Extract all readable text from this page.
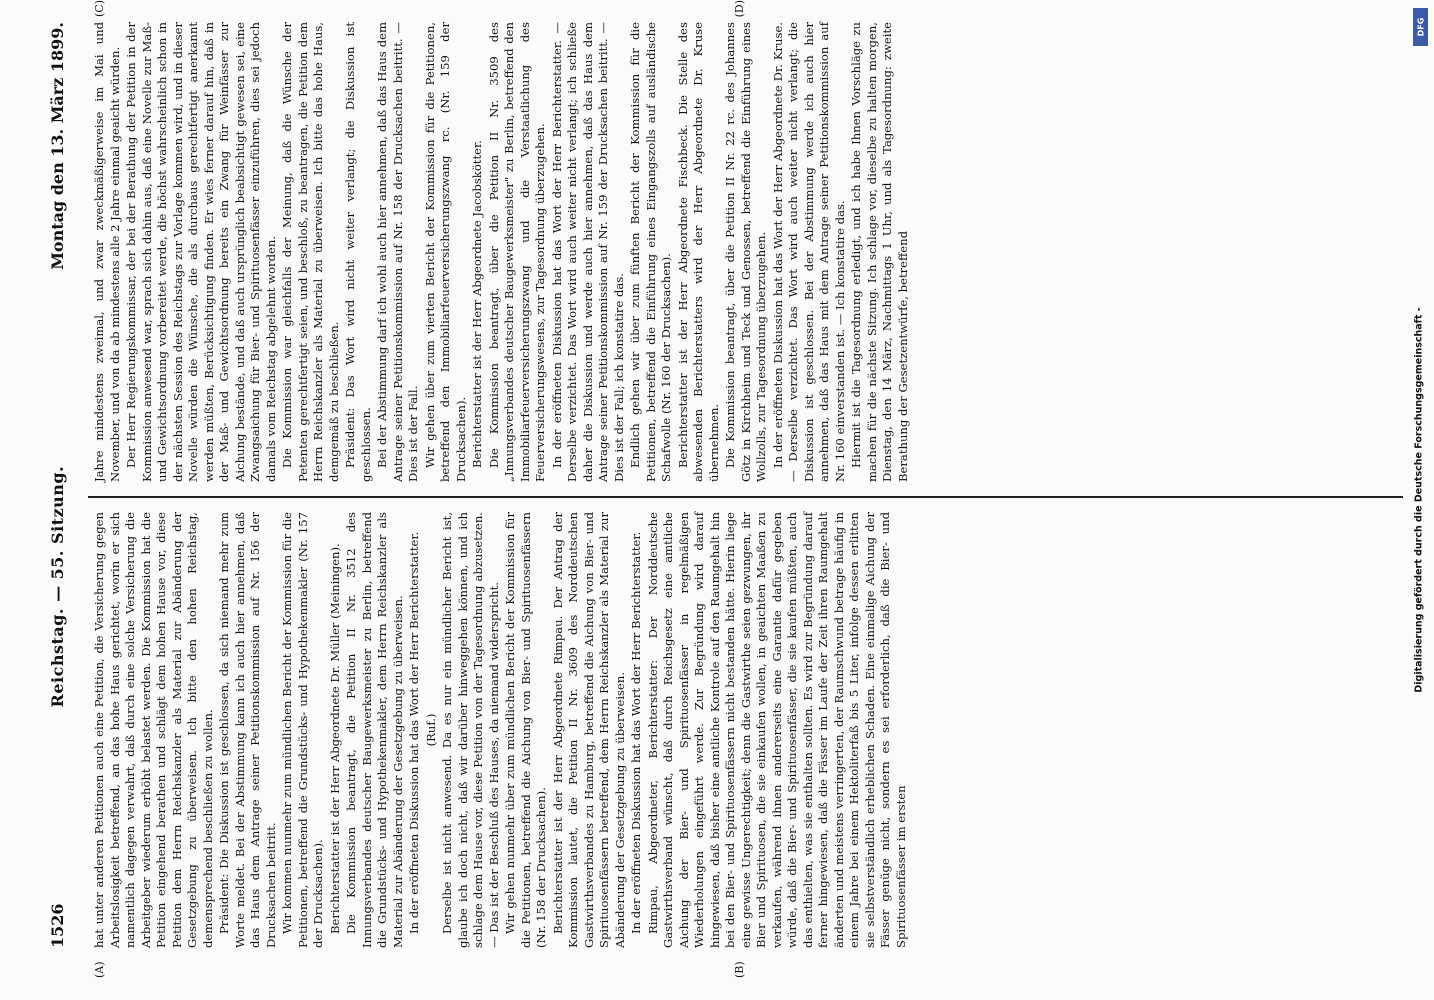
1526
Reichstag. — 55. Sitzung.
Montag den 13. März 1899.
(A)	(B)

hat unter anderen Petitionen auch eine Petition, die Versicherung gegen Arbeitslosigkeit betreffend, an das hohe Haus gerichtet, worin er sich namentlich dagegen verwahrt, daß durch eine solche Versicherung die Arbeitgeber wiederum erhöht belastet werden. Die Kommission hat die Petition eingehend berathen und schlägt dem hohen Hause vor, diese Petition dem Herrn Reichskanzler als Material zur Abänderung der Gesetzgebung zu überweisen. Ich bitte den hohen Reichstag, demensprechend beschließen zu wollen. Präsident: Die Diskussion ist geschlossen, da sich niemand mehr zum Worte meldet. Bei der Abstimmung kann ich auch hier annehmen, daß das Haus dem Antrage seiner Petitionskommission auf Nr. 156 der Drucksachen beitritt. Wir kommen nunmehr zum mündlichen Bericht der Kommission für die Petitionen, betreffend die Grundstücks- und Hypothekenmakler (Nr. 157 der Drucksachen). Berichterstatter ist der Herr Abgeordnete Dr. Müller (Meiningen). Die Kommission beantragt, die Petition II Nr. 3512 des Innungsverbandes deutscher Baugewerksmeister zu Berlin, betreffend die Grundstücks- und Hypothekenmakler, dem Herrn Reichskanzler als Material zur Abänderung der Gesetzgebung zu überweisen. In der eröffneten Diskussion hat das Wort der Herr Berichterstatter. (Ruf.) Derselbe ist nicht anwesend. Da es nur ein mündlicher Bericht ist, glaube ich doch nicht, daß wir darüber hinweggehen können, und ich schlage dem Hause vor, diese Petition von der Tagesordnung abzusetzen. — Das ist der Beschluß des Hauses, da niemand widerspricht. Wir gehen nunmehr über zum mündlichen Bericht der Kommission für die Petitionen, betreffend die Aichung von Bier- und Spirituosenfässern (Nr. 158 der Drucksachen). Berichterstatter ist der Herr Abgeordnete Rimpau. Der Antrag der Kommission lautet, die Petition II Nr. 3609 des Norddeutschen Gastwirthsverbandes zu Hamburg, betreffend die Aichung von Bier- und Spirituosenfässern betreffend, dem Herrn Reichskanzler als Material zur Abänderung der Gesetzgebung zu überweisen. In der eröffneten Diskussion hat das Wort der Herr Berichterstatter. Rimpau, Abgeordneter, Berichterstatter: Der Norddeutsche Gastwirthsverband wünscht, daß durch Reichsgesetz eine amtliche Aichung der Bier- und Spirituosenfässer in regelmäßigen Wiederholungen eingeführt werde. Zur Begründung wird darauf hingewiesen, daß bisher eine amtliche Kontrole auf den Raumgehalt hin bei den Bier- und Spirituosenfässern nicht bestanden hätte. Hierin liege eine gewisse Ungerechtigkeit; denn die Gastwirthe seien gezwungen, ihr Bier und Spirituosen, die sie einkaufen wollen, in geaichten Maaßen zu verkaufen, während ihnen andererseits eine Garantie dafür gegeben würde, daß die Bier- und Spirituosenfässer, die sie kaufen müßten, auch das enthielten, was sie enthalten sollten. Es wird zur Begründung darauf ferner hingewiesen, daß die Fässer im Laufe der Zeit ihren Raumgehalt änderten und meistens verringerten, der Raumschwund betrage häufig in einem Jahre bei einem Hektoliterfaß bis 5 Liter, infolge dessen erlitten sie selbstverständlich erheblichen Schaden. Eine einmalige Aichung der Fässer genüge nicht, sondern es sei erforderlich, daß die Bier- und Spirituosenfässer im ersten

(C)	(D)

Jahre mindestens zweimal, und zwar zweckmäßigerweise im Mai und November, und von da ab mindestens alle 2 Jahre einmal geaicht würden. Der Herr Regierungskommissar, der bei der Berathung der Petition in der Kommission anwesend war, sprach sich dahin aus, daß eine Novelle zur Maß- und Gewichtsordnung vorbereitet werde, die höchst wahrscheinlich schon in der nächsten Session des Reichstags zur Vorlage kommen wird, und in dieser Novelle würden die Wünsche, die als durchaus gerechtfertigt anerkannt werden müßten, Berücksichtigung finden. Er wies ferner darauf hin, daß in der Maß- und Gewichtsordnung bereits ein Zwang für Weinfässer zur Aichung bestände, und daß auch ursprünglich beabsichtigt gewesen sei, eine Zwangsaichung für Bier- und Spirituosenfässer einzuführen, dies sei jedoch damals vom Reichstag abgelehnt worden. Die Kommission war gleichfalls der Meinung, daß die Wünsche der Petenten gerechtfertigt seien, und beschloß, zu beantragen, die Petition dem Herrn Reichskanzler als Material zu überweisen. Ich bitte das hohe Haus, demgemäß zu beschließen. Präsident: Das Wort wird nicht weiter verlangt; die Diskussion ist geschlossen. Bei der Abstimmung darf ich wohl auch hier annehmen, daß das Haus dem Antrage seiner Petitionskommission auf Nr. 158 der Drucksachen beitritt. — Dies ist der Fall. Wir gehen über zum vierten Bericht der Kommission für die Petitionen, betreffend den Immobiliarfeuerversicherungszwang rc. (Nr. 159 der Drucksachen). Berichterstatter ist der Herr Abgeordnete Jacobskötter. Die Kommission beantragt, über die Petition II Nr. 3509 des „Innungsverbandes deutscher Baugewerksmeister" zu Berlin, betreffend den Immobiliarfeuerversicherungszwang und die Verstaatlichung des Feuerversicherungswesens, zur Tagesordnung überzugehen. In der eröffneten Diskussion hat das Wort der Herr Berichterstatter. — Derselbe verzichtet. Das Wort wird auch weiter nicht verlangt; ich schließe daher die Diskussion und werde auch hier annehmen, daß das Haus dem Antrage seiner Petitionskommission auf Nr. 159 der Drucksachen beitritt. — Dies ist der Fall; ich konstatire das. Endlich gehen wir über zum fünften Bericht der Kommission für die Petitionen, betreffend die Einführung eines Eingangszolls auf ausländische Schafwolle (Nr. 160 der Drucksachen). Berichterstatter ist der Herr Abgeordnete Fischbeck. Die Stelle des abwesenden Berichterstatters wird der Herr Abgeordnete Dr. Kruse übernehmen. Die Kommission beantragt, über die Petition II Nr. 22 rc. des Johannes Götz in Kirchheim und Teck und Genossen, betreffend die Einführung eines Wollzolls, zur Tagesordnung überzugehen. In der eröffneten Diskussion hat das Wort der Herr Abgeordnete Dr. Kruse. — Derselbe verzichtet. Das Wort wird auch weiter nicht verlangt; die Diskussion ist geschlossen. Bei der Abstimmung werde ich auch hier annehmen, daß das Haus mit dem Antrage seiner Petitionskommission auf Nr. 160 einverstanden ist. — Ich konstatire das. Hiermit ist die Tagesordnung erledigt, und ich habe Ihnen Vorschläge zu machen für die nächste Sitzung. Ich schlage vor, dieselbe zu halten morgen, Dienstag, den 14 März, Nachmittags 1 Uhr, und als Tagesordnung: zweite Berathung der Gesetzentwürfe, betreffend	Digitalisierung gefördert durch die Deutsche Forschungsgemeinschaft -
DFG
